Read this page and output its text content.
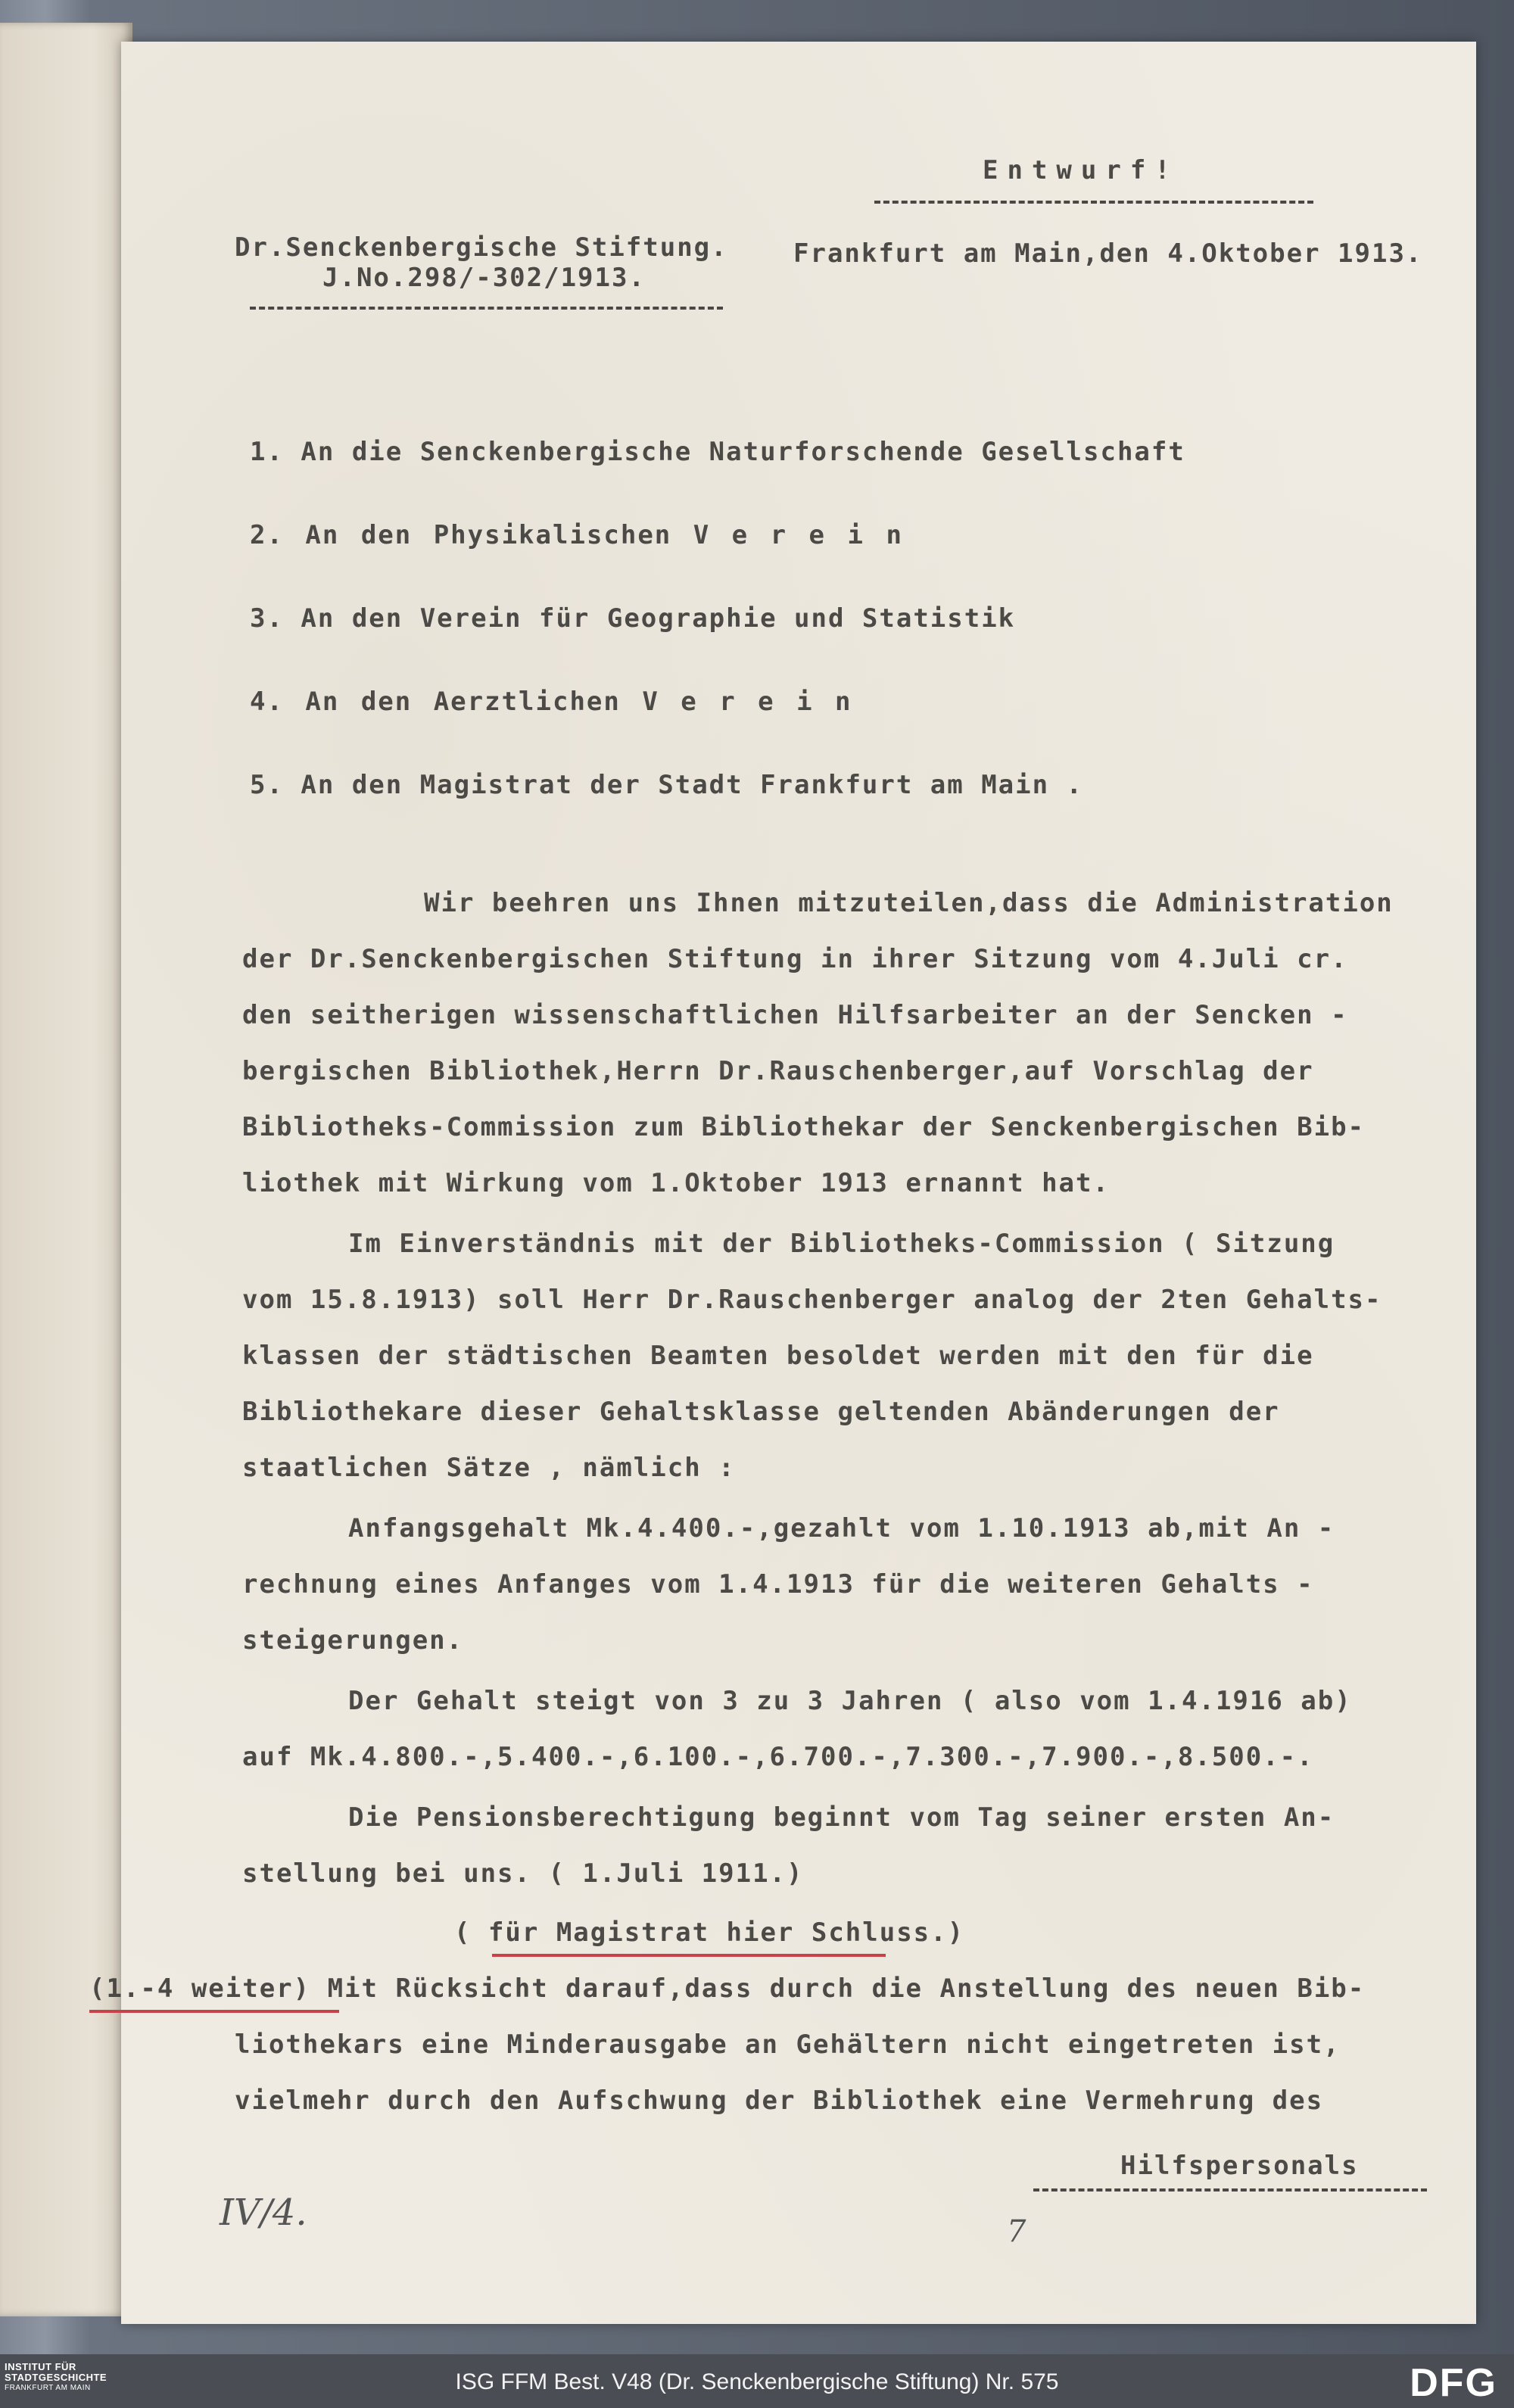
Entwurf!
Dr.Senckenbergische Stiftung.	Frankfurt am Main,den 4.Oktober 1913.
J.No.298/-302/1913.
1. An die Senckenbergische Naturforschende Gesellschaft
2. An den Physikalischen V e r e i n
3. An den Verein für Geographie und Statistik
4. An den Aerztlichen V e r e i n
5. An den Magistrat der Stadt Frankfurt am Main .
Wir beehren uns Ihnen mitzuteilen,dass die Administration
der Dr.Senckenbergischen Stiftung in ihrer Sitzung vom 4.Juli cr.
den seitherigen wissenschaftlichen Hilfsarbeiter an der Sencken -
bergischen Bibliothek,Herrn Dr.Rauschenberger,auf Vorschlag der
Bibliotheks-Commission zum Bibliothekar der Senckenbergischen Bib-
liothek mit Wirkung vom 1.Oktober 1913 ernannt hat.
Im Einverständnis mit der Bibliotheks-Commission ( Sitzung
vom 15.8.1913) soll Herr Dr.Rauschenberger analog der 2ten Gehalts-
klassen der städtischen Beamten besoldet werden mit den für die
Bibliothekare dieser Gehaltsklasse geltenden Abänderungen der
staatlichen Sätze , nämlich :
Anfangsgehalt Mk.4.400.-,gezahlt vom 1.10.1913 ab,mit An -
rechnung eines Anfanges vom 1.4.1913 für die weiteren Gehalts -
steigerungen.
Der Gehalt steigt von 3 zu 3 Jahren ( also vom 1.4.1916 ab)
auf Mk.4.800.-,5.400.-,6.100.-,6.700.-,7.300.-,7.900.-,8.500.-.
Die Pensionsberechtigung beginnt vom Tag seiner ersten An-
stellung bei uns. ( 1.Juli 1911.)
( für Magistrat hier Schluss.)
(1.-4 weiter) Mit Rücksicht darauf,dass durch die Anstellung des neuen Bib-
liothekars eine Minderausgabe an Gehältern nicht eingetreten ist,
vielmehr durch den Aufschwung der Bibliothek eine Vermehrung des
Hilfspersonals
IV/4.	7
INSTITUT FÜR
STADTGESCHICHTE
FRANKFURT AM MAIN	ISG FFM Best. V48 (Dr. Senckenbergische Stiftung) Nr. 575	DFG
